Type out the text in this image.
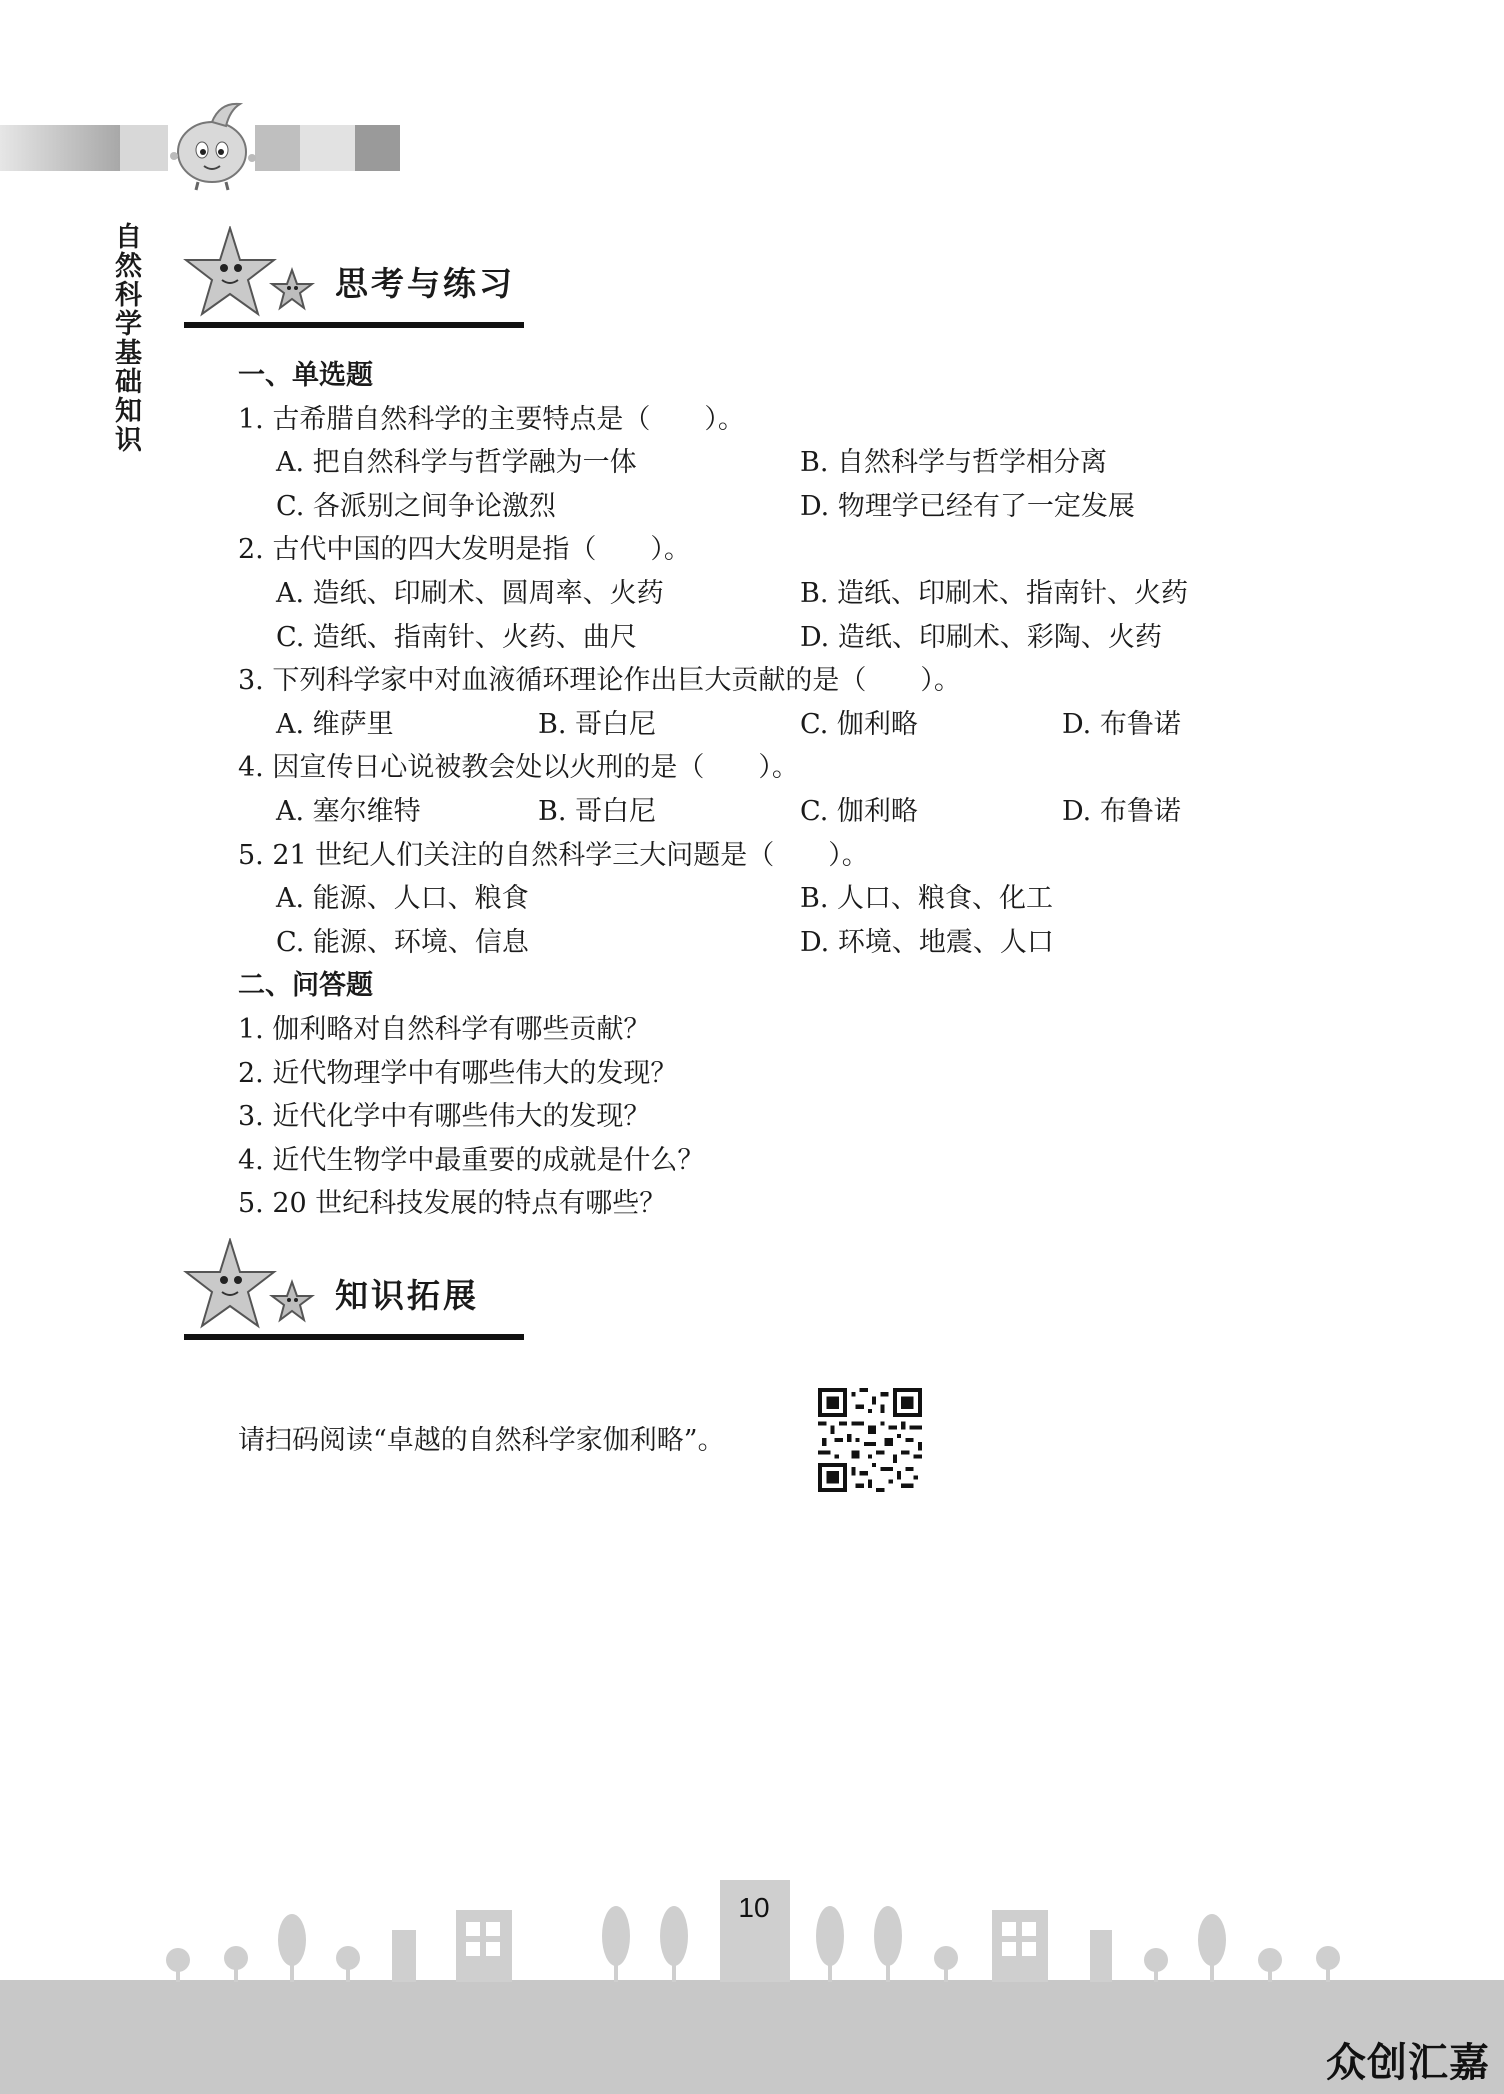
自然科学基础知识	思考与练习
一、单选题
1. 古希腊自然科学的主要特点是（　　）。
A. 把自然科学与哲学融为一体	B. 自然科学与哲学相分离
C. 各派别之间争论激烈	D. 物理学已经有了一定发展
2. 古代中国的四大发明是指（　　）。
A. 造纸、印刷术、圆周率、火药	B. 造纸、印刷术、指南针、火药
C. 造纸、指南针、火药、曲尺	D. 造纸、印刷术、彩陶、火药
3. 下列科学家中对血液循环理论作出巨大贡献的是（　　）。
A. 维萨里	B. 哥白尼	C. 伽利略	D. 布鲁诺
4. 因宣传日心说被教会处以火刑的是（　　）。
A. 塞尔维特	B. 哥白尼	C. 伽利略	D. 布鲁诺
5. 21 世纪人们关注的自然科学三大问题是（　　）。
A. 能源、人口、粮食	B. 人口、粮食、化工
C. 能源、环境、信息	D. 环境、地震、人口
二、问答题
1. 伽利略对自然科学有哪些贡献？
2. 近代物理学中有哪些伟大的发现？
3. 近代化学中有哪些伟大的发现？
4. 近代生物学中最重要的成就是什么？
5. 20 世纪科技发展的特点有哪些？
知识拓展
请扫码阅读“卓越的自然科学家伽利略”。
10
众创汇嘉
